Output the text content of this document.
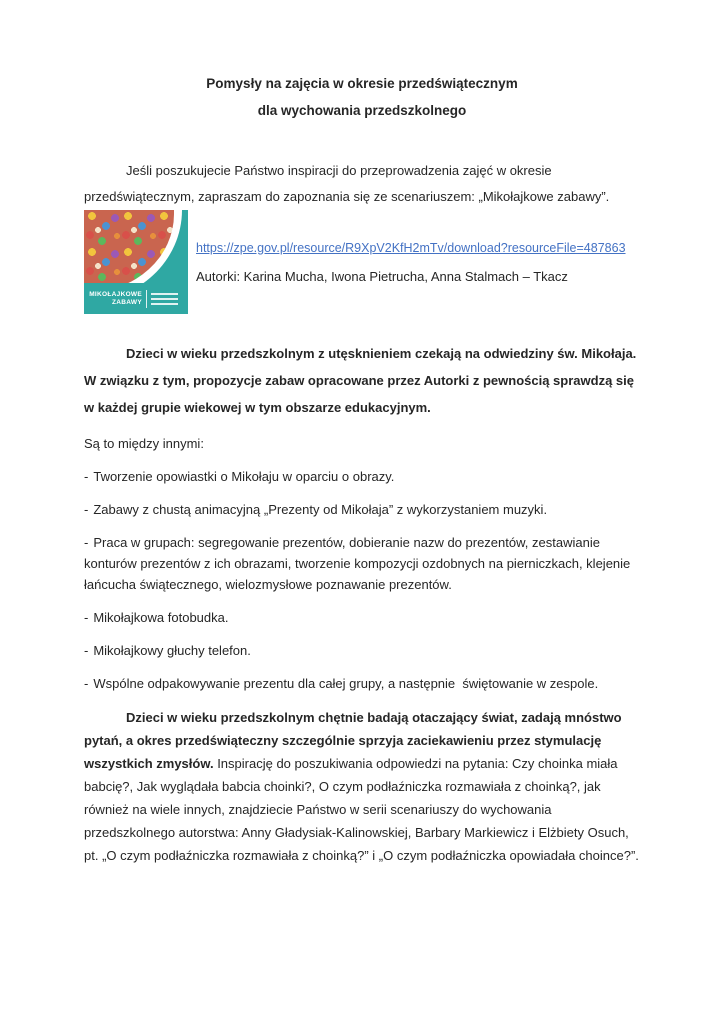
Pomysły na zajęcia w okresie przedświątecznym
dla wychowania przedszkolnego

Jeśli poszukujecie Państwo inspiracji do przeprowadzenia zajęć w okresie przedświątecznym, zapraszam do zapoznania się ze scenariuszem: „Mikołajkowe zabawy”.

MIKOŁAJKOWE
ZABAWY
https://zpe.gov.pl/resource/R9XpV2KfH2mTv/download?resourceFile=487863
Autorki: Karina Mucha, Iwona Pietrucha, Anna Stalmach – Tkacz

Dzieci w wieku przedszkolnym z utęsknieniem czekają na odwiedziny św. Mikołaja. W związku z tym, propozycje zabaw opracowane przez Autorki z pewnością sprawdzą się w każdej grupie wiekowej w tym obszarze edukacyjnym.

Są to między innymi:

- Tworzenie opowiastki o Mikołaju w oparciu o obrazy.

- Zabawy z chustą animacyjną „Prezenty od Mikołaja” z wykorzystaniem muzyki.

- Praca w grupach: segregowanie prezentów, dobieranie nazw do prezentów, zestawianie konturów prezentów z ich obrazami, tworzenie kompozycji ozdobnych na pierniczkach, klejenie łańcucha świątecznego, wielozmysłowe poznawanie prezentów.

- Mikołajkowa fotobudka.

- Mikołajkowy głuchy telefon.

- Wspólne odpakowywanie prezentu dla całej grupy, a następnie  świętowanie w zespole.

Dzieci w wieku przedszkolnym chętnie badają otaczający świat, zadają mnóstwo pytań, a okres przedświąteczny szczególnie sprzyja zaciekawieniu przez stymulację wszystkich zmysłów. Inspirację do poszukiwania odpowiedzi na pytania: Czy choinka miała babcię?, Jak wyglądała babcia choinki?, O czym podłaźniczka rozmawiała z choinką?, jak również na wiele innych, znajdziecie Państwo w serii scenariuszy do wychowania przedszkolnego autorstwa: Anny Gładysiak-Kalinowskiej, Barbary Markiewicz i Elżbiety Osuch, pt. „O czym podłaźniczka rozmawiała z choinką?” i „O czym podłaźniczka opowiadała choince?”.
